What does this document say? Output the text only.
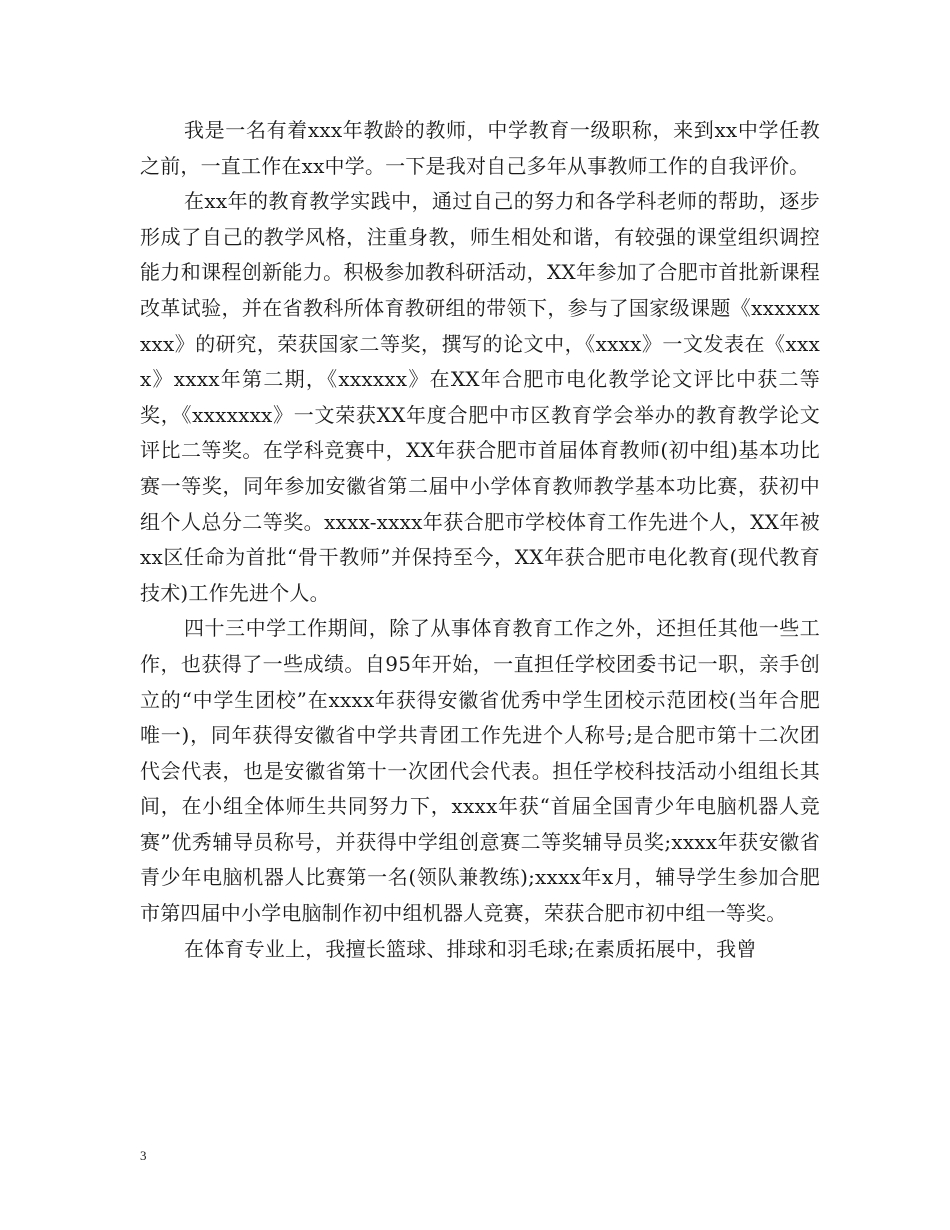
我是一名有着xxx年教龄的教师，中学教育一级职称，来到xx中学任教之前，一直工作在xx中学。一下是我对自己多年从事教师工作的自我评价。

在xx年的教育教学实践中，通过自己的努力和各学科老师的帮助，逐步形成了自己的教学风格，注重身教，师生相处和谐，有较强的课堂组织调控能力和课程创新能力。积极参加教科研活动，XX年参加了合肥市首批新课程改革试验，并在省教科所体育教研组的带领下，参与了国家级课题《xxxxxxxxx》的研究，荣获国家二等奖，撰写的论文中，《xxxx》一文发表在《xxxx》xxxx年第二期，《xxxxxx》在XX年合肥市电化教学论文评比中获二等奖，《xxxxxxx》一文荣获XX年度合肥中市区教育学会举办的教育教学论文评比二等奖。在学科竞赛中，XX年获合肥市首届体育教师(初中组)基本功比赛一等奖，同年参加安徽省第二届中小学体育教师教学基本功比赛，获初中组个人总分二等奖。xxxx-xxxx年获合肥市学校体育工作先进个人，XX年被xx区任命为首批“骨干教师”并保持至今，XX年获合肥市电化教育(现代教育技术)工作先进个人。

四十三中学工作期间，除了从事体育教育工作之外，还担任其他一些工作，也获得了一些成绩。自95年开始，一直担任学校团委书记一职，亲手创立的“中学生团校”在xxxx年获得安徽省优秀中学生团校示范团校(当年合肥唯一)，同年获得安徽省中学共青团工作先进个人称号;是合肥市第十二次团代会代表，也是安徽省第十一次团代会代表。担任学校科技活动小组组长其间，在小组全体师生共同努力下，xxxx年获“首届全国青少年电脑机器人竞赛”优秀辅导员称号，并获得中学组创意赛二等奖辅导员奖;xxxx年获安徽省青少年电脑机器人比赛第一名(领队兼教练);xxxx年x月，辅导学生参加合肥市第四届中小学电脑制作初中组机器人竞赛，荣获合肥市初中组一等奖。

在体育专业上，我擅长篮球、排球和羽毛球;在素质拓展中，我曾

3
